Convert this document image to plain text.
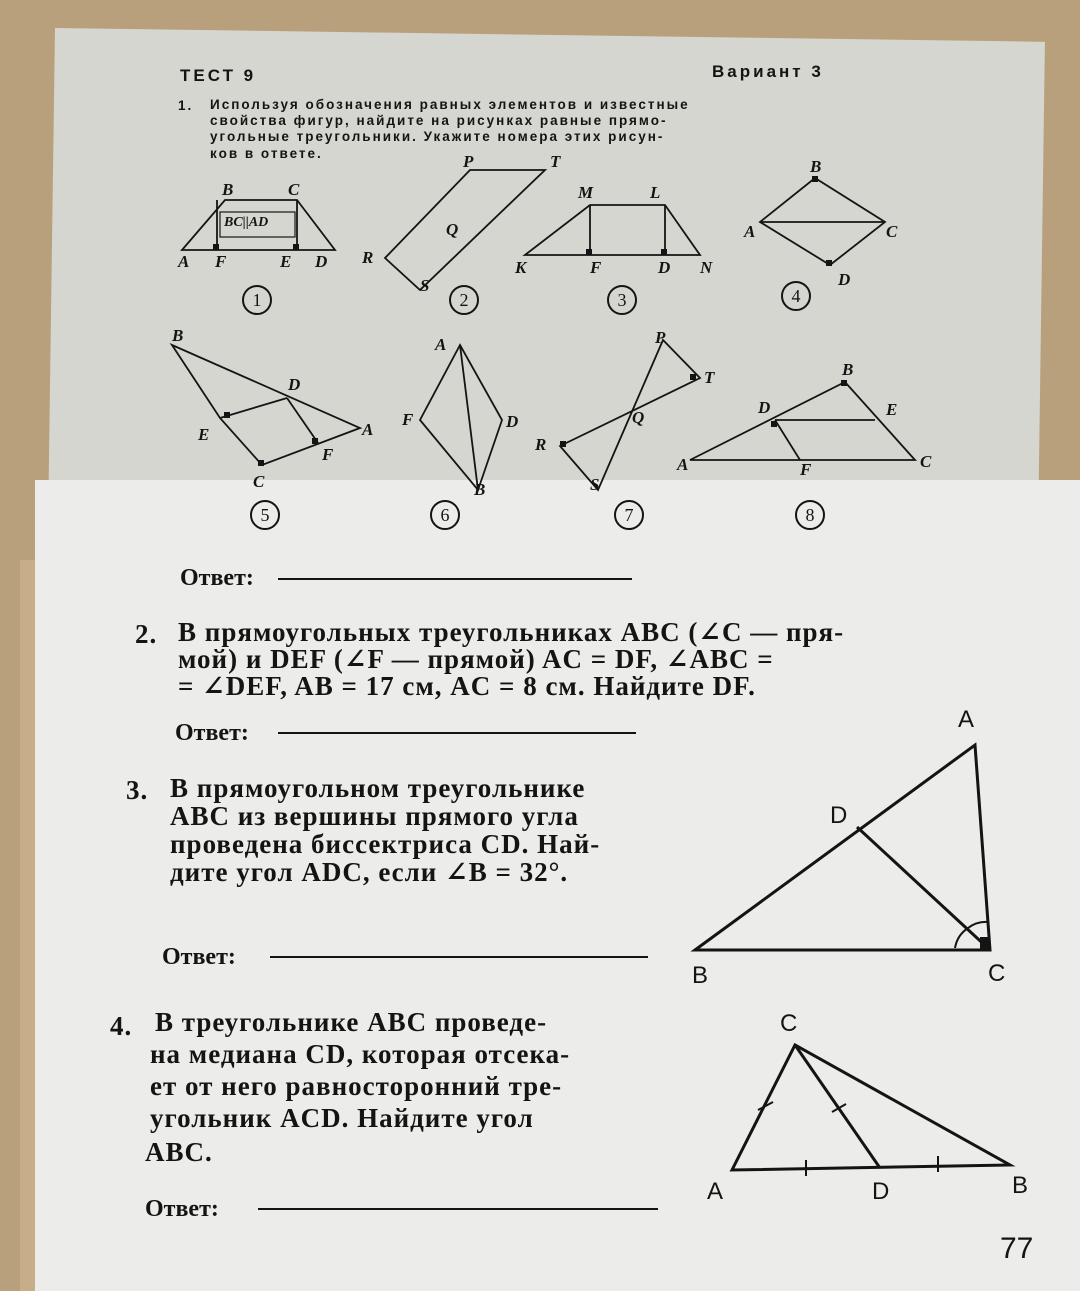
ТЕСТ 9	Вариант 3
1. Используя обозначения равных элементов и известные
свойства фигур, найдите на рисунках равные прямо-
угольные треугольники. Укажите номера этих рисун-
ков в ответе.
B	C
A F	E D
BC||AD
1
P	T
Q
R
S
2
M	L
K	F	D N
3
B
A	C
D
4
B
D
E	A
F
C
5
A
F	D
B
6
P
T
Q
R
S
7
B
D	E
A	F	C
8
Ответ:
2. В прямоугольных треугольниках ABC (∠C — пря-
мой) и DEF (∠F — прямой) AC = DF, ∠ABC =
= ∠DEF, AB = 17 см, AC = 8 см. Найдите DF.
Ответ:
3. В прямоугольном треугольнике
ABC из вершины прямого угла
проведена биссектриса CD. Най-
дите угол ADC, если ∠B = 32°.
Ответ:
A
D
B	C
4. В треугольнике ABC проведе-
на медиана CD, которая отсека-
ет от него равносторонний тре-
угольник ACD. Найдите угол
ABC.
Ответ:
C
A	D	B
77
